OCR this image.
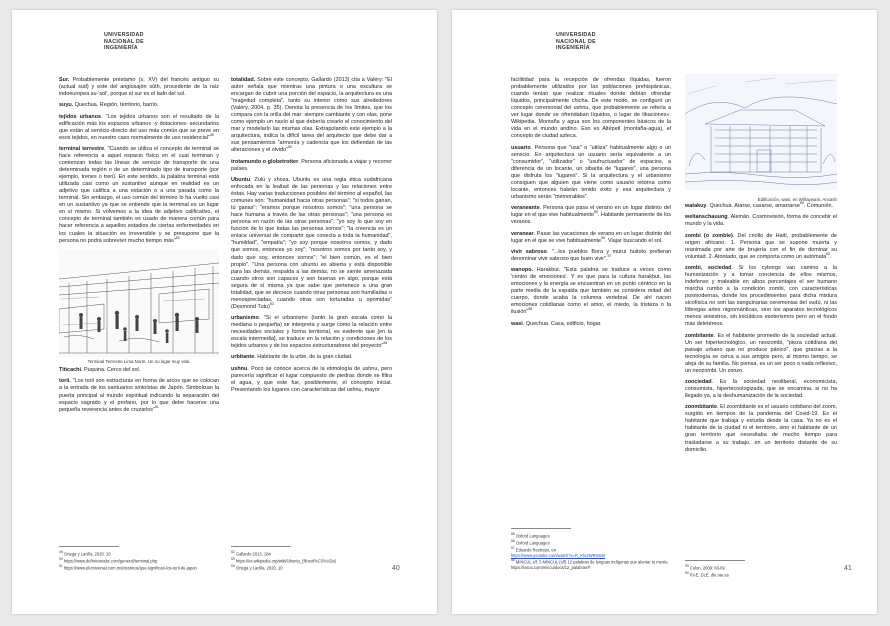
UNIVERSIDAD
NACIONAL DE
INGENIERÍA

Sur. Probablemente préstamo (s. XV) del francés antiguo su (actual sud) y este del anglosajón sūth, procedente de la raíz indoeuropea su-'sol', porque el sur es el lado del sol.

suyu. Quechua. Región, territorio, barrio.

tejidos urbanos. "Los tejidos urbanos son el resultado de la edificación más los espacios urbanos -y dotaciones- secundarios que están al servicio directo del uso más común que se preve en esos tejidos, en nuestro caso normalmente de uso residencial"$^{49}$

terminal terrestre. "Cuando se utiliza el concepto de terminal se hace referencia a aquel espacio físico en el cual terminan y comienzan todas las líneas de servicio de transporte de una determinada región o de un determinado tipo de transporte (por ejemplo, trenes o tren). En este sentido, la palabra terminal está utilizada casi como un sustantivo aunque en realidad es un adjetivo que califica a una estación o a una parada como la terminal. Sin embargo, el uso común del término lo ha vuelto casi en un sustantivo ya que se entiende que la terminal es un lugar en sí mismo. Si volvemos a la idea de adjetivo calificativo, el concepto de terminal también es usado de manera común para hacer referencia a aquellos estadios de ciertas enfermedades en los cuales la situación es irreversible y se presupone que la persona no podrá sobrevivir mucho tiempo más"$^{50}$

Terminal Terrestre Lima Norte. Un no lugar muy vital.

Titicachi. Puquina. Cerco del sol.

torii. "Los torii son estructuras en forma de arcos que se colocan a la entrada de los santuarios sintoístas de Japón. Simbolizan la puerta principal al mundo espiritual indicando la separación del espacio sagrado y el profano, por lo que debe hacerse una pequeña reverencia antes de cruzarlos"$^{51}$

totalidad. Sobre este concepto, Gallardo (2013) cita a Valéry: "El autor señala que mientras una pintura o una escultura se encargan de cubrir una porción del espacio, la arquitectura es una "magnitud completa", tanto su interior como sus alrededores (Valéry, 2004, p. 35). Denota la presencia de los límites, que los compara con la orilla del mar: siempre cambiante y con olas, pone como ejemplo un navío al que debería crearlo el conocimiento del mar y modelarlo las mismas olas. Extrapolando este ejemplo a la arquitectura, indica la difícil tarea del arquitecto que debe dar a sus pensamientos "armonía y cadencia que los defiendan de las alteraciones y el olvido"$^{52}$

trotamundo o globetrotter. Persona aficionada a viajar y recorrer países.

Ubuntu. Zulú y xhoza. Ubuntu es una regla ética sudafricana enfocada en la lealtad de las personas y las relaciones entre éstas. Hay varias traducciones posibles del término al español, las comunes son: "humanidad hacia otras personas"; "si todos ganan, tú ganas"; "eramos porque nosotros somos"; "una persona se hace humana a través de las otras personas"; "una persona es persona en razón de las otras personas"; "yo soy lo que soy en función de lo que todas las personas somos"; "la creencia es un enlace universal de compartir que conecta a toda la humanidad", "humildad", "empatía"; "yo soy porque nosotros somos, y dado que somos, entonces yo soy"; "nosotros somos por tanto soy, y dado que soy, entonces somos"; "el bien común, es el bien propio". "Una persona con ubuntu es abierta y está disponible para las demás, respalda a las demás, no se siente amenazada cuando otros son capaces y son buenas en algo, porque está segura de sí misma ya que sabe que pertenece a una gran totalidad, que se decrece cuando otras personas son humilladas o menospreciadas, cuando otras son torturadas u oprimidas" (Desmond Tutu)$^{53}$

urbanismo. "Si el urbanismo (tanto la gran escala como la mediana o pequeña) se interpreta y surge como la relación entre necesidades sociales y forma territorial, es evidente que [en la escala intermedia], se traduce en la relación y condiciones de los tejidos urbanos y de los espacios estructuradores del proyecto"$^{54}$

urbitante. Habitante de la urbe, de la gran ciudad.

ushnu. Poco se conoce acerca de la etimología de ushnu, pero parecería significar el lugar compuesto de piedras donde se filtra el agua, y que este fue, posiblemente, el concepto inicial. Presentando los lugares con características del ushnu, mayor

$^{49}$ Ortega y Lacilla. 2020. 10
$^{50}$ https://www.definicionabc.com/general/terminal.php
$^{51}$ https://www.elumiversal.com.mx/destinos/que-significan-los-torii-de-japon
$^{52}$ Gallardo 2013, 184
$^{53}$ https://es.wikipedia.org/wiki/Ubuntu_(filosof%C3%ADa)
$^{54}$ Ortega y Lacilla. 2020. 10	40
UNIVERSIDAD
NACIONAL DE
INGENIERÍA

facilitidad para la recepción de ofrendas líquidas, fueron probablemente utilizados por las poblaciones prehispánicas, cuando tenían que realizar rituales donde debían ofrendar líquidos, principalmente chicha. De este modo, se configuró un concepto ceremonial del ushnu, que probablemente se refería a ver lugar donde se ofrendaban líquidos, o lugar de libaciones». Wikipedia. Montaña y agua son los componentes básicos de la vida en el mundo andino. Eso es Altépetl (montaña-agua), el concepto de ciudad azteca.

usuario. Persona que "usa" o "utiliza" habitualmente algo o un servicio. En arquitectura un usuario sería equivalente a un "consumidor", "utilizador" o "usufructuador" de espacios, a diferencia de un locante, un sibarita de "lugares", una persona que disfruta los "lugares". Si la arquitectura y el urbanismo consiguen que alguien que viene como usuario retorna como locante, entonces habrán tenido éxito y esa arquitectura y urbanismo serán "memorables".

veraneante. Persona que pasa el verano en un lugar distinto del lugar en el que vive habitualmente$^{55}$. Habitante permanente de los veranos.

veranear. Pasar las vacaciones de verano en un lugar distinto del lugar en el que se vive habitualmente$^{56}$. Viajar buscando el sol.

vivir sabroso. "...los pueblos Bora y murui huitoto prefieran denominar vivir sabroso que buen vivir".$^{57}$

wanopo. Harakbut. "Esta palabra se traduce a veces como 'centro de emociones'. Y es que para la cultura harakbut, las emociones y la energía se encuentran en un punto céntrico en la parte media de la espalda que también se considera mitad del cuerpo, donde acaba la columna vertebral. De ahí nacen emociones cotidianas como el amor, el miedo, la tristeza o la ilusión"$^{58}$

wasi. Quechua. Casa, edificio, hogar.

Edificación, wasi, en Wiñaywaín, Ancash

watakuy. Quechua. Atarse, casarse, amarrarse$^{59}$. Comunión.

weltanschauung. Alemán. Cosmovisión, forma de concebir el mundo y la vida.

zombi (o zombie). Del criollo de Haití, probablemente de origen africano. 1. Persona que se supone muerta y reanimada por arte de brujería con el fin de dominar su voluntad. 2. Atontado, que se comporta como un autómata$^{60}$.

zombi, sociedad. Si los cyborgs van camino a la humanización y a tomar conciencia de ellos mismos, indefenso y maleable en albos porcentajes el ser humano marcha rumbo a la condición zombi, con características posmodernas, donde los procedimientos para dicha mixtura sicofísica no son las sanguinarias ceremonias del vudú, ni las lóbregas artes nigrománticas, sino los aparatos tecnológicos menos siniestros, sin iniciáticos esoterismos pero en el fondo más deletéreos.

zombitante. Es el habitante promedio de la sociedad actual. Un ser hipertecnológico, un neozombi, "pieza cotidiana del paisaje urbano que no produce pánico", que gracias a la tecnología se cerca a sus amigos pero, al mismo tiempo, se aleja de su familia. No piensa, es un ser poco o nada reflexivo, un neozombi. Un zonzo.

zoociedad. Es la sociedad neoliberal, economicista, consumista, hipertecnologizada, que se encamina, si no ha llegado ya, a la deshumanización de la sociedad.

zoombitante. El zoombitante es el usuario cotidiano del zoom, surgido en tiempos de la pandemia del Covid-19. Es el habitante que trabaja y estudia desde la casa. Ya no es el habitante de la ciudad ni el territorio, sino el habitante de un gran territorio que necesitaba de mucho tiempo para trasladarse a su trabajo, en un territorio distante de su domicilio.

$^{55}$ Oxford Languages
$^{56}$ Oxford Languages
$^{57}$ Eduardo Restrepo, en
https://www.youtube.com/watch?v=R_KhiZWR4mW
$^{58}$ MINCUL s/f, 5 MINCUL (s/f) 12 palabras de lenguas indígenas que alentar tu mente. https://issuu.com/mincu/docs/12_palabras®	$^{59}$ Colon. 2009: 66-69
$^{60}$ RAE. DLE. dle.rae.es
41
